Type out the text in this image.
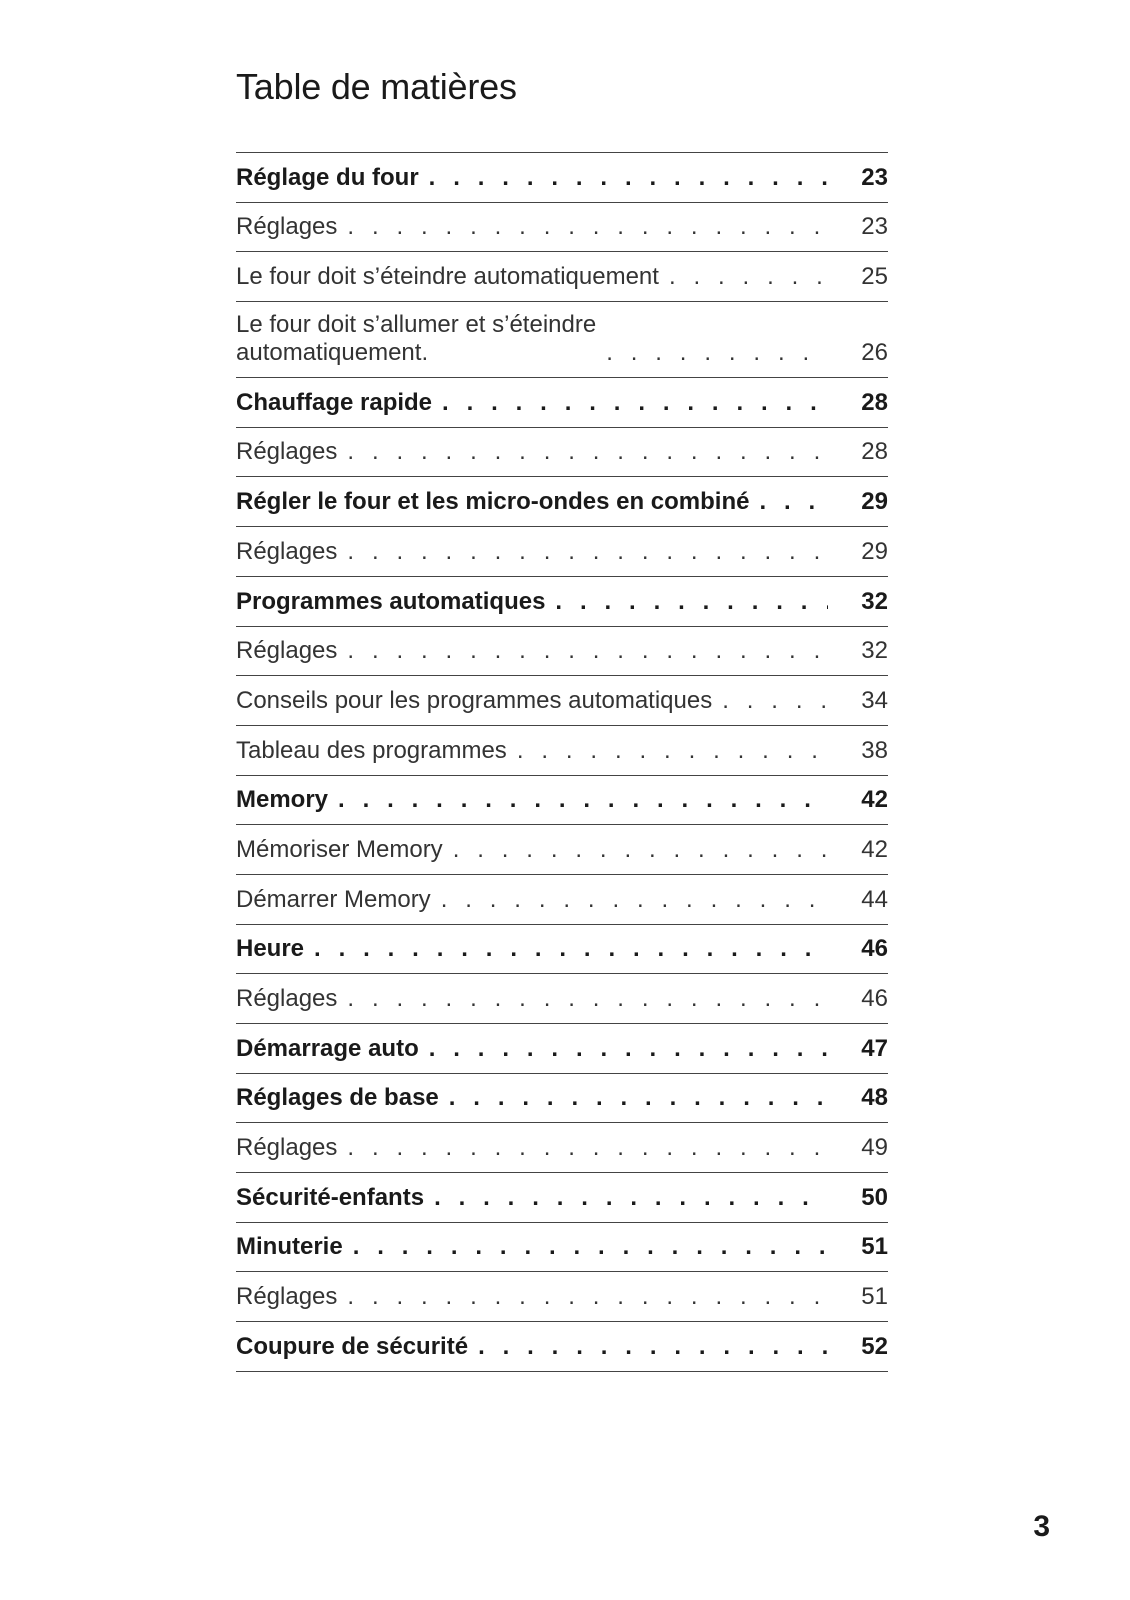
Table de matières
Réglage du four . . .	23
Réglages . . .	23
Le four doit s’éteindre automatiquement . . .	25
Le four doit s’allumer et s’éteindre
automatiquement. . . .	26
Chauffage rapide . . .	28
Réglages . . .	28
Régler le four et les micro-ondes en combiné . . .	29
Réglages . . .	29
Programmes automatiques . . .	32
Réglages . . .	32
Conseils pour les programmes automatiques . . .	34
Tableau des programmes . . .	38
Memory . . .	42
Mémoriser Memory . . .	42
Démarrer Memory . . .	44
Heure . . .	46
Réglages . . .	46
Démarrage auto . . .	47
Réglages de base . . .	48
Réglages . . .	49
Sécurité-enfants . . .	50
Minuterie . . .	51
Réglages . . .	51
Coupure de sécurité . . .	52
3
